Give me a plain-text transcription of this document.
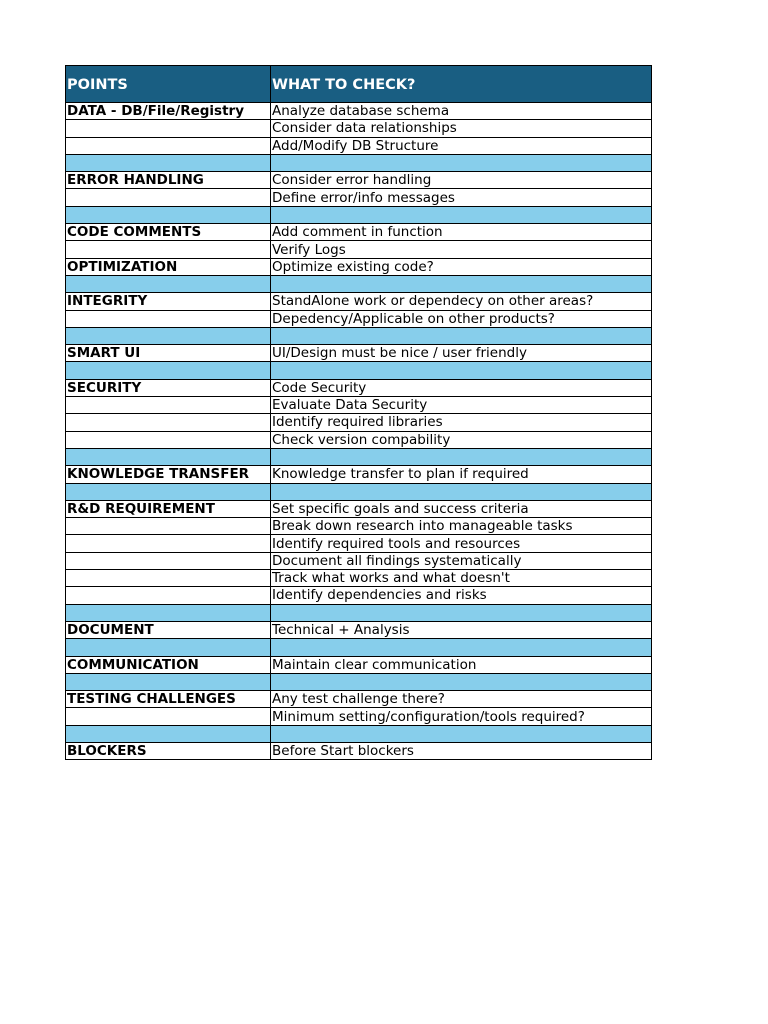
POINTS	WHAT TO CHECK?
DATA - DB/File/Registry	Analyze database schema
	Consider data relationships
	Add/Modify DB Structure

ERROR HANDLING	Consider error handling
	Define error/info messages

CODE COMMENTS	Add comment in function
	Verify Logs
OPTIMIZATION	Optimize existing code?

INTEGRITY	StandAlone work or dependecy on other areas?
	Depedency/Applicable on other products?

SMART UI	UI/Design must be nice / user friendly

SECURITY	Code Security
	Evaluate Data Security
	Identify required libraries
	Check version compability

KNOWLEDGE TRANSFER	Knowledge transfer to plan if required

R&D REQUIREMENT	Set specific goals and success criteria
	Break down research into manageable tasks
	Identify required tools and resources
	Document all findings systematically
	Track what works and what doesn't
	Identify dependencies and risks

DOCUMENT	Technical + Analysis

COMMUNICATION	Maintain clear communication

TESTING CHALLENGES	Any test challenge there?
	Minimum setting/configuration/tools required?

BLOCKERS	Before Start blockers
